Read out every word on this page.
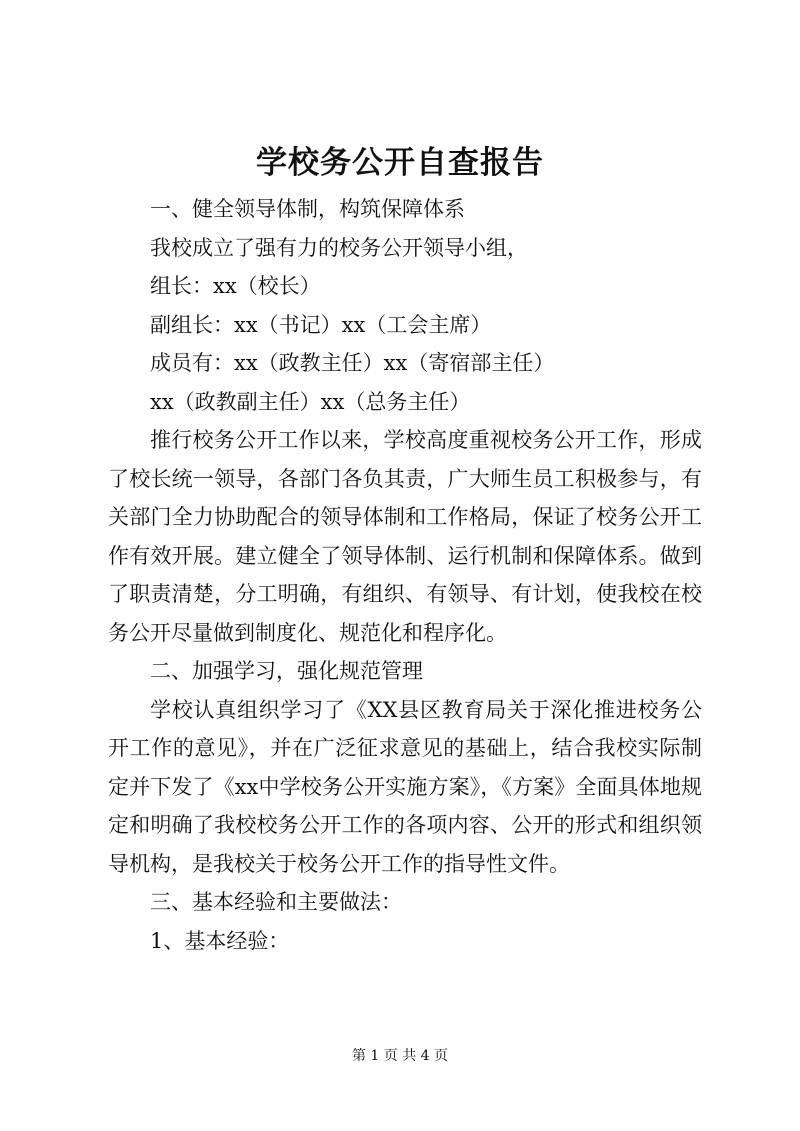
学校务公开自查报告

一、健全领导体制，构筑保障体系

我校成立了强有力的校务公开领导小组，

组长：xx（校长）

副组长：xx（书记）xx（工会主席）

成员有：xx（政教主任）xx（寄宿部主任）

xx（政教副主任）xx（总务主任）

推行校务公开工作以来，学校高度重视校务公开工作，形成了校长统一领导，各部门各负其责，广大师生员工积极参与，有关部门全力协助配合的领导体制和工作格局，保证了校务公开工作有效开展。建立健全了领导体制、运行机制和保障体系。做到了职责清楚，分工明确，有组织、有领导、有计划，使我校在校务公开尽量做到制度化、规范化和程序化。

二、加强学习，强化规范管理

学校认真组织学习了《XX县区教育局关于深化推进校务公开工作的意见》，并在广泛征求意见的基础上，结合我校实际制定并下发了《xx中学校务公开实施方案》，《方案》全面具体地规定和明确了我校校务公开工作的各项内容、公开的形式和组织领导机构，是我校关于校务公开工作的指导性文件。

三、基本经验和主要做法：

1、基本经验：

第 1 页 共 4 页
